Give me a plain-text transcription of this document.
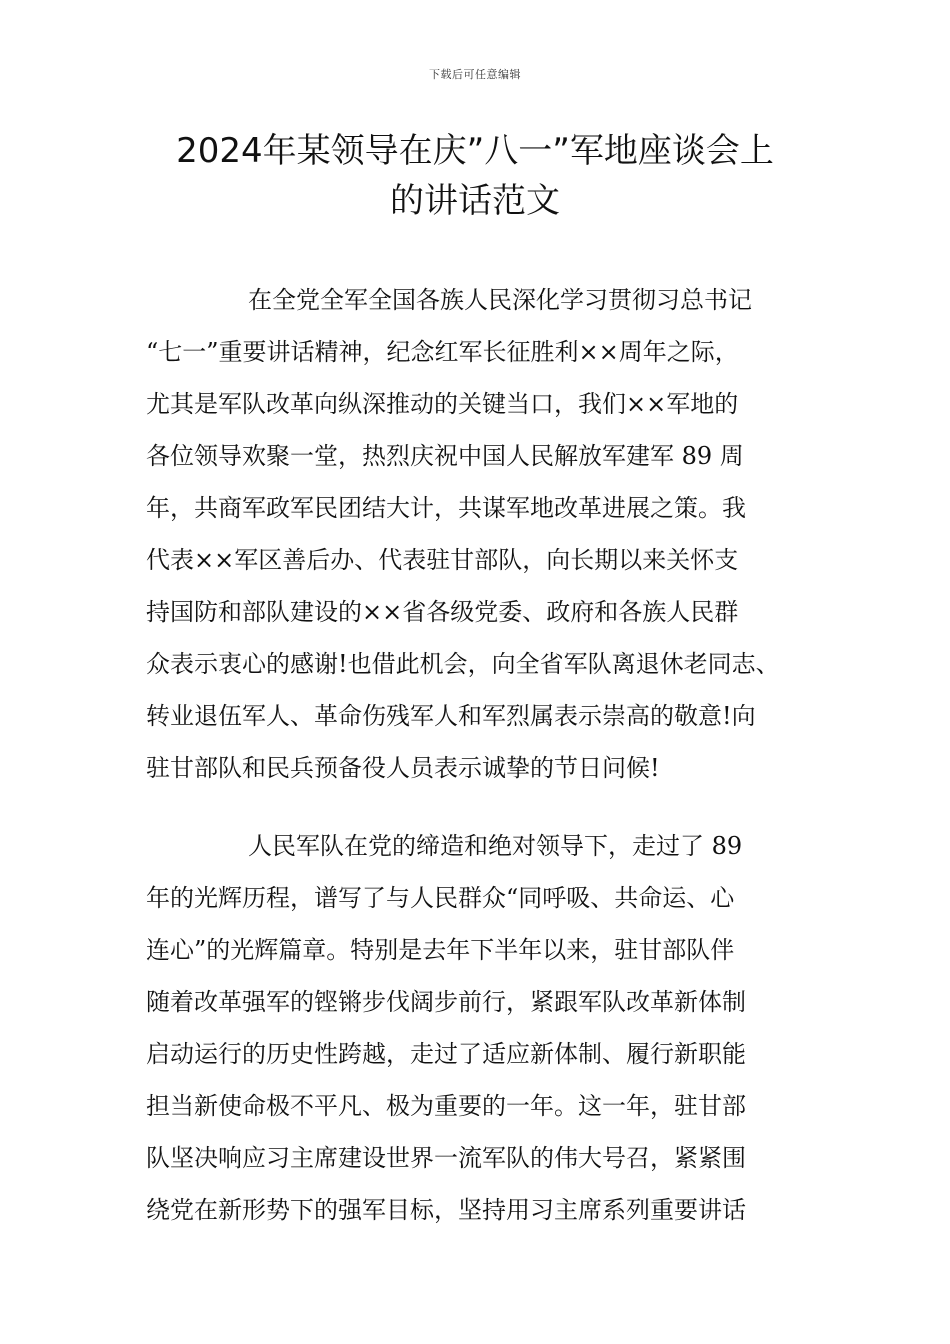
下载后可任意编辑
2024年某领导在庆”八一”军地座谈会上
的讲话范文
在全党全军全国各族人民深化学习贯彻习总书记
“七一”重要讲话精神，纪念红军长征胜利××周年之际，
尤其是军队改革向纵深推动的关键当口，我们××军地的
各位领导欢聚一堂，热烈庆祝中国人民解放军建军 89 周
年，共商军政军民团结大计，共谋军地改革进展之策。我
代表××军区善后办、代表驻甘部队，向长期以来关怀支
持国防和部队建设的××省各级党委、政府和各族人民群
众表示衷心的感谢!也借此机会，向全省军队离退休老同志、
转业退伍军人、革命伤残军人和军烈属表示崇高的敬意!向
驻甘部队和民兵预备役人员表示诚挚的节日问候!
人民军队在党的缔造和绝对领导下，走过了 89
年的光辉历程，谱写了与人民群众“同呼吸、共命运、心
连心”的光辉篇章。特别是去年下半年以来，驻甘部队伴
随着改革强军的铿锵步伐阔步前行，紧跟军队改革新体制
启动运行的历史性跨越，走过了适应新体制、履行新职能
担当新使命极不平凡、极为重要的一年。这一年，驻甘部
队坚决响应习主席建设世界一流军队的伟大号召，紧紧围
绕党在新形势下的强军目标，坚持用习主席系列重要讲话
